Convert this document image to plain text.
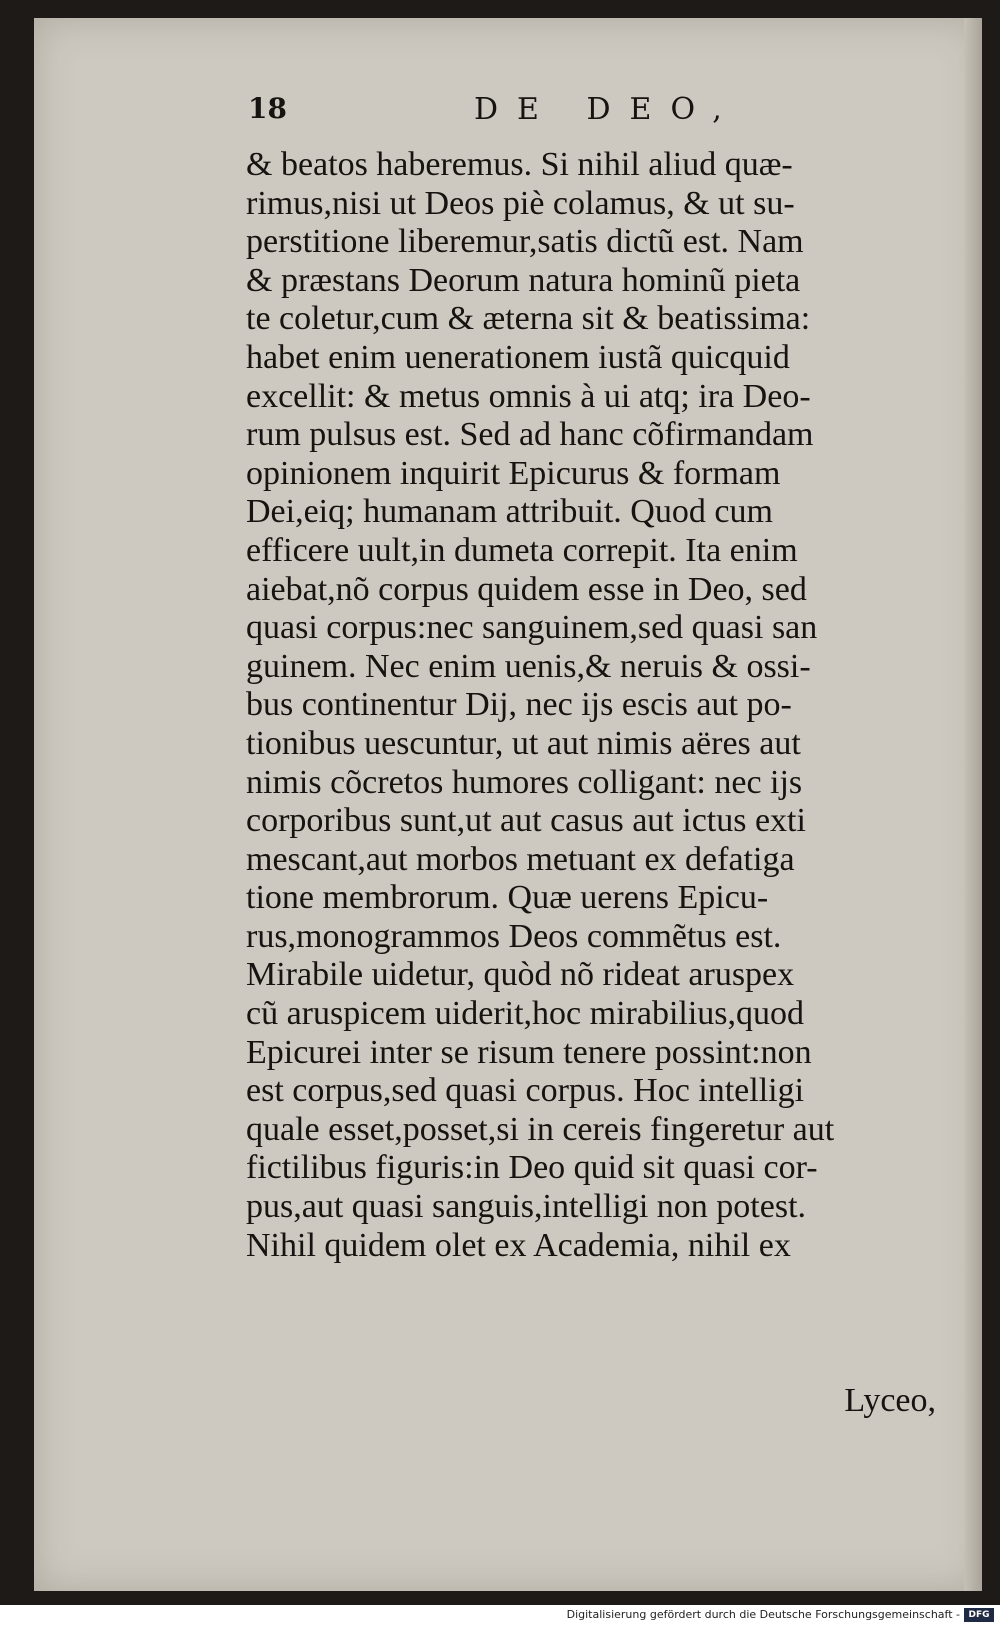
18	DE DEO,
& beatos haberemus. Si nihil aliud quæ-
rimus,nisi ut Deos piè colamus, & ut su-
perstitione liberemur,satis dictũ est. Nam
& præstans Deorum natura hominũ pieta
te coletur,cum & æterna sit & beatissima:
habet enim uenerationem iustã quicquid
excellit: & metus omnis à ui atq; ira Deo-
rum pulsus est. Sed ad hanc cõfirmandam
opinionem inquirit Epicurus & formam
Dei,eiq; humanam attribuit. Quod cum
efficere uult,in dumeta correpit. Ita enim
aiebat,nõ corpus quidem esse in Deo, sed
quasi corpus:nec sanguinem,sed quasi san
guinem. Nec enim uenis,& neruis & ossi-
bus continentur Dij, nec ijs escis aut po-
tionibus uescuntur, ut aut nimis aëres aut
nimis cõcretos humores colligant: nec ijs
corporibus sunt,ut aut casus aut ictus exti
mescant,aut morbos metuant ex defatiga
tione membrorum. Quæ uerens Epicu-
rus,monogrammos Deos commẽtus est.
Mirabile uidetur, quòd nõ rideat aruspex
cũ aruspicem uiderit,hoc mirabilius,quod
Epicurei inter se risum tenere possint:non
est corpus,sed quasi corpus. Hoc intelligi
quale esset,posset,si in cereis fingeretur aut
fictilibus figuris:in Deo quid sit quasi cor-
pus,aut quasi sanguis,intelligi non potest.
Nihil quidem olet ex Academia, nihil ex
Lyceo,
Digitalisierung gefördert durch die Deutsche Forschungsgemeinschaft - DFG
